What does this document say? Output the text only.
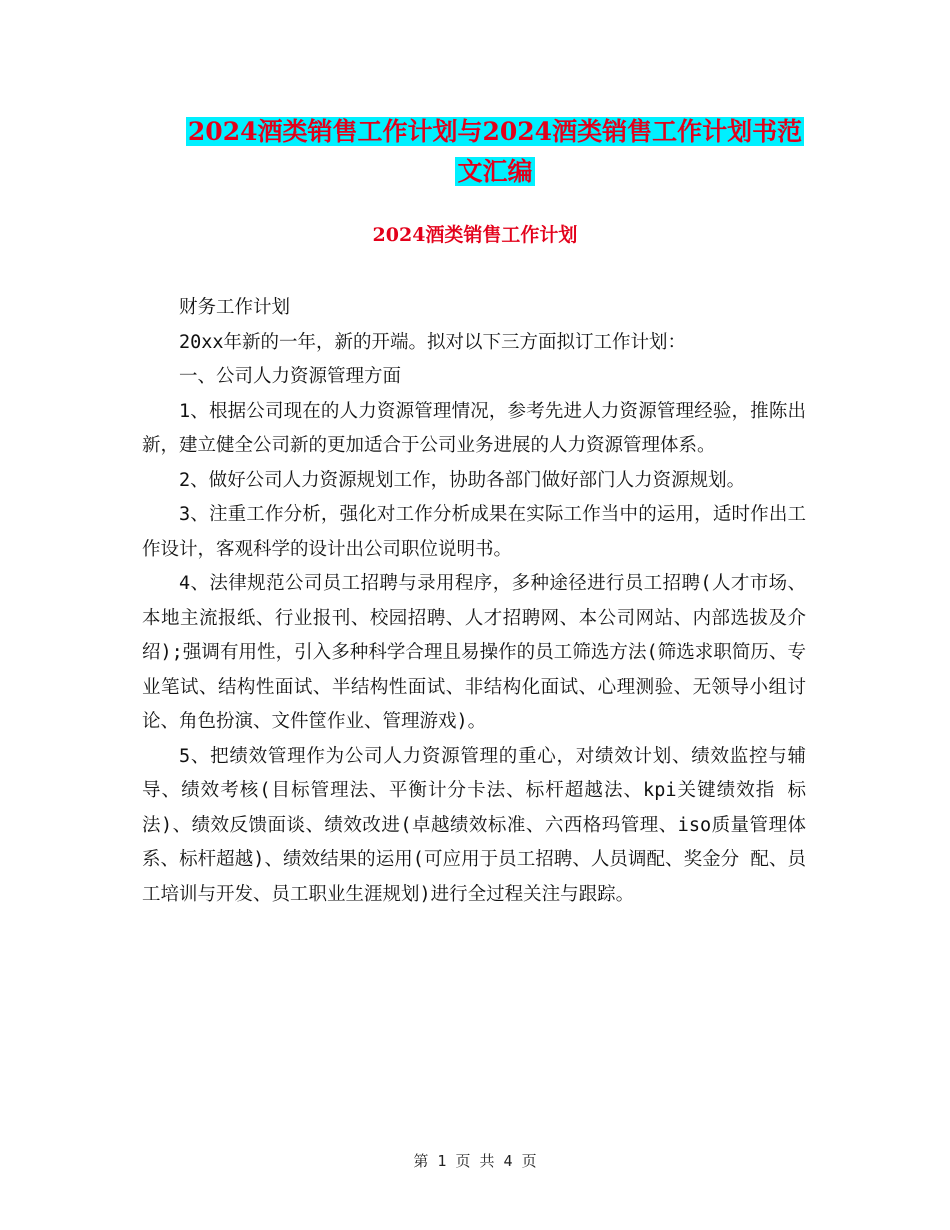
2024酒类销售工作计划与2024酒类销售工作计划书范
文汇编
2024酒类销售工作计划

财务工作计划

20xx年新的一年，新的开端。拟对以下三方面拟订工作计划：

一、公司人力资源管理方面

1、根据公司现在的人力资源管理情况，参考先进人力资源管理经验，推陈出新，建立健全公司新的更加适合于公司业务进展的人力资源管理体系。

2、做好公司人力资源规划工作，协助各部门做好部门人力资源规划。

3、注重工作分析，强化对工作分析成果在实际工作当中的运用，适时作出工作设计，客观科学的设计出公司职位说明书。

4、法律规范公司员工招聘与录用程序，多种途径进行员工招聘(人才市场、本地主流报纸、行业报刊、校园招聘、人才招聘网、本公司网站、内部选拔及介 绍);强调有用性，引入多种科学合理且易操作的员工筛选方法(筛选求职简历、专业笔试、结构性面试、半结构性面试、非结构化面试、心理测验、无领导小组讨 论、角色扮演、文件筐作业、管理游戏)。

5、把绩效管理作为公司人力资源管理的重心，对绩效计划、绩效监控与辅导、绩效考核(目标管理法、平衡计分卡法、标杆超越法、kpi关键绩效指 标法)、绩效反馈面谈、绩效改进(卓越绩效标准、六西格玛管理、iso质量管理体系、标杆超越)、绩效结果的运用(可应用于员工招聘、人员调配、奖金分 配、员工培训与开发、员工职业生涯规划)进行全过程关注与跟踪。

第 1 页 共 4 页
